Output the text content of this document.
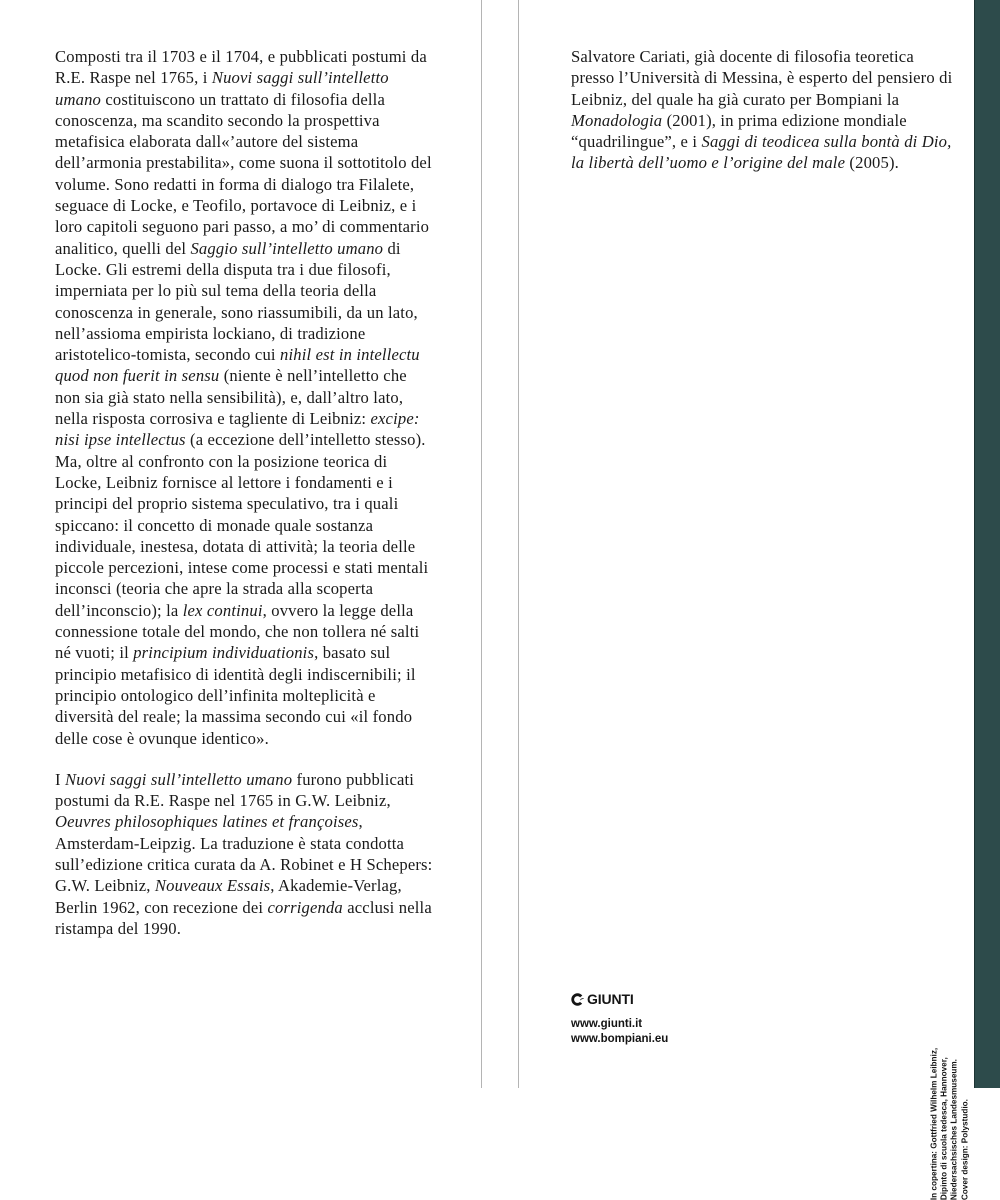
Composti tra il 1703 e il 1704, e pubblicati postumi da R.E. Raspe nel 1765, i Nuovi saggi sull’intelletto umano costituiscono un trattato di filosofia della conoscenza, ma scandito secondo la prospettiva metafisica elaborata dall«’autore del sistema dell’armonia prestabilita», come suona il sottotitolo del volume. Sono redatti in forma di dialogo tra Filalete, seguace di Locke, e Teofilo, portavoce di Leibniz, e i loro capitoli seguono pari passo, a mo’ di commentario analitico, quelli del Saggio sull’intelletto umano di Locke. Gli estremi della disputa tra i due filosofi, imperniata per lo più sul tema della teoria della conoscenza in generale, sono riassumibili, da un lato, nell’assioma empirista lockiano, di tradizione aristotelico-tomista, secondo cui nihil est in intellectu quod non fuerit in sensu (niente è nell’intelletto che non sia già stato nella sensibilità), e, dall’altro lato, nella risposta corrosiva e tagliente di Leibniz: excipe: nisi ipse intellectus (a eccezione dell’intelletto stesso). Ma, oltre al confronto con la posizione teorica di Locke, Leibniz fornisce al lettore i fondamenti e i principi del proprio sistema speculativo, tra i quali spiccano: il concetto di monade quale sostanza individuale, inestesa, dotata di attività; la teoria delle piccole percezioni, intese come processi e stati mentali inconsci (teoria che apre la strada alla scoperta dell’inconscio); la lex continui, ovvero la legge della connessione totale del mondo, che non tollera né salti né vuoti; il principium individuationis, basato sul principio metafisico di identità degli indiscernibili; il principio ontologico dell’infinita molteplicità e diversità del reale; la massima secondo cui «il fondo delle cose è ovunque identico».

I Nuovi saggi sull’intelletto umano furono pubblicati postumi da R.E. Raspe nel 1765 in G.W. Leibniz, Oeuvres philosophiques latines et françoises, Amsterdam-Leipzig. La traduzione è stata condotta sull’edizione critica curata da A. Robinet e H Schepers: G.W. Leibniz, Nouveaux Essais, Akademie-Verlag, Berlin 1962, con recezione dei corrigenda acclusi nella ristampa del 1990.

Salvatore Cariati, già docente di filosofia teoretica presso l’Università di Messina, è esperto del pensiero di Leibniz, del quale ha già curato per Bompiani la Monadologia (2001), in prima edizione mondiale “quadrilingue”, e i Saggi di teodicea sulla bontà di Dio, la libertà dell’uomo e l’origine del male (2005).

GIUNTI
www.giunti.it
www.bompiani.eu
In copertina: Gottfried Wilhelm Leibniz, Dipinto di scuola tedesca, Hannover, Niedersachsisches Landesmuseum. Cover design: Polystudio.
